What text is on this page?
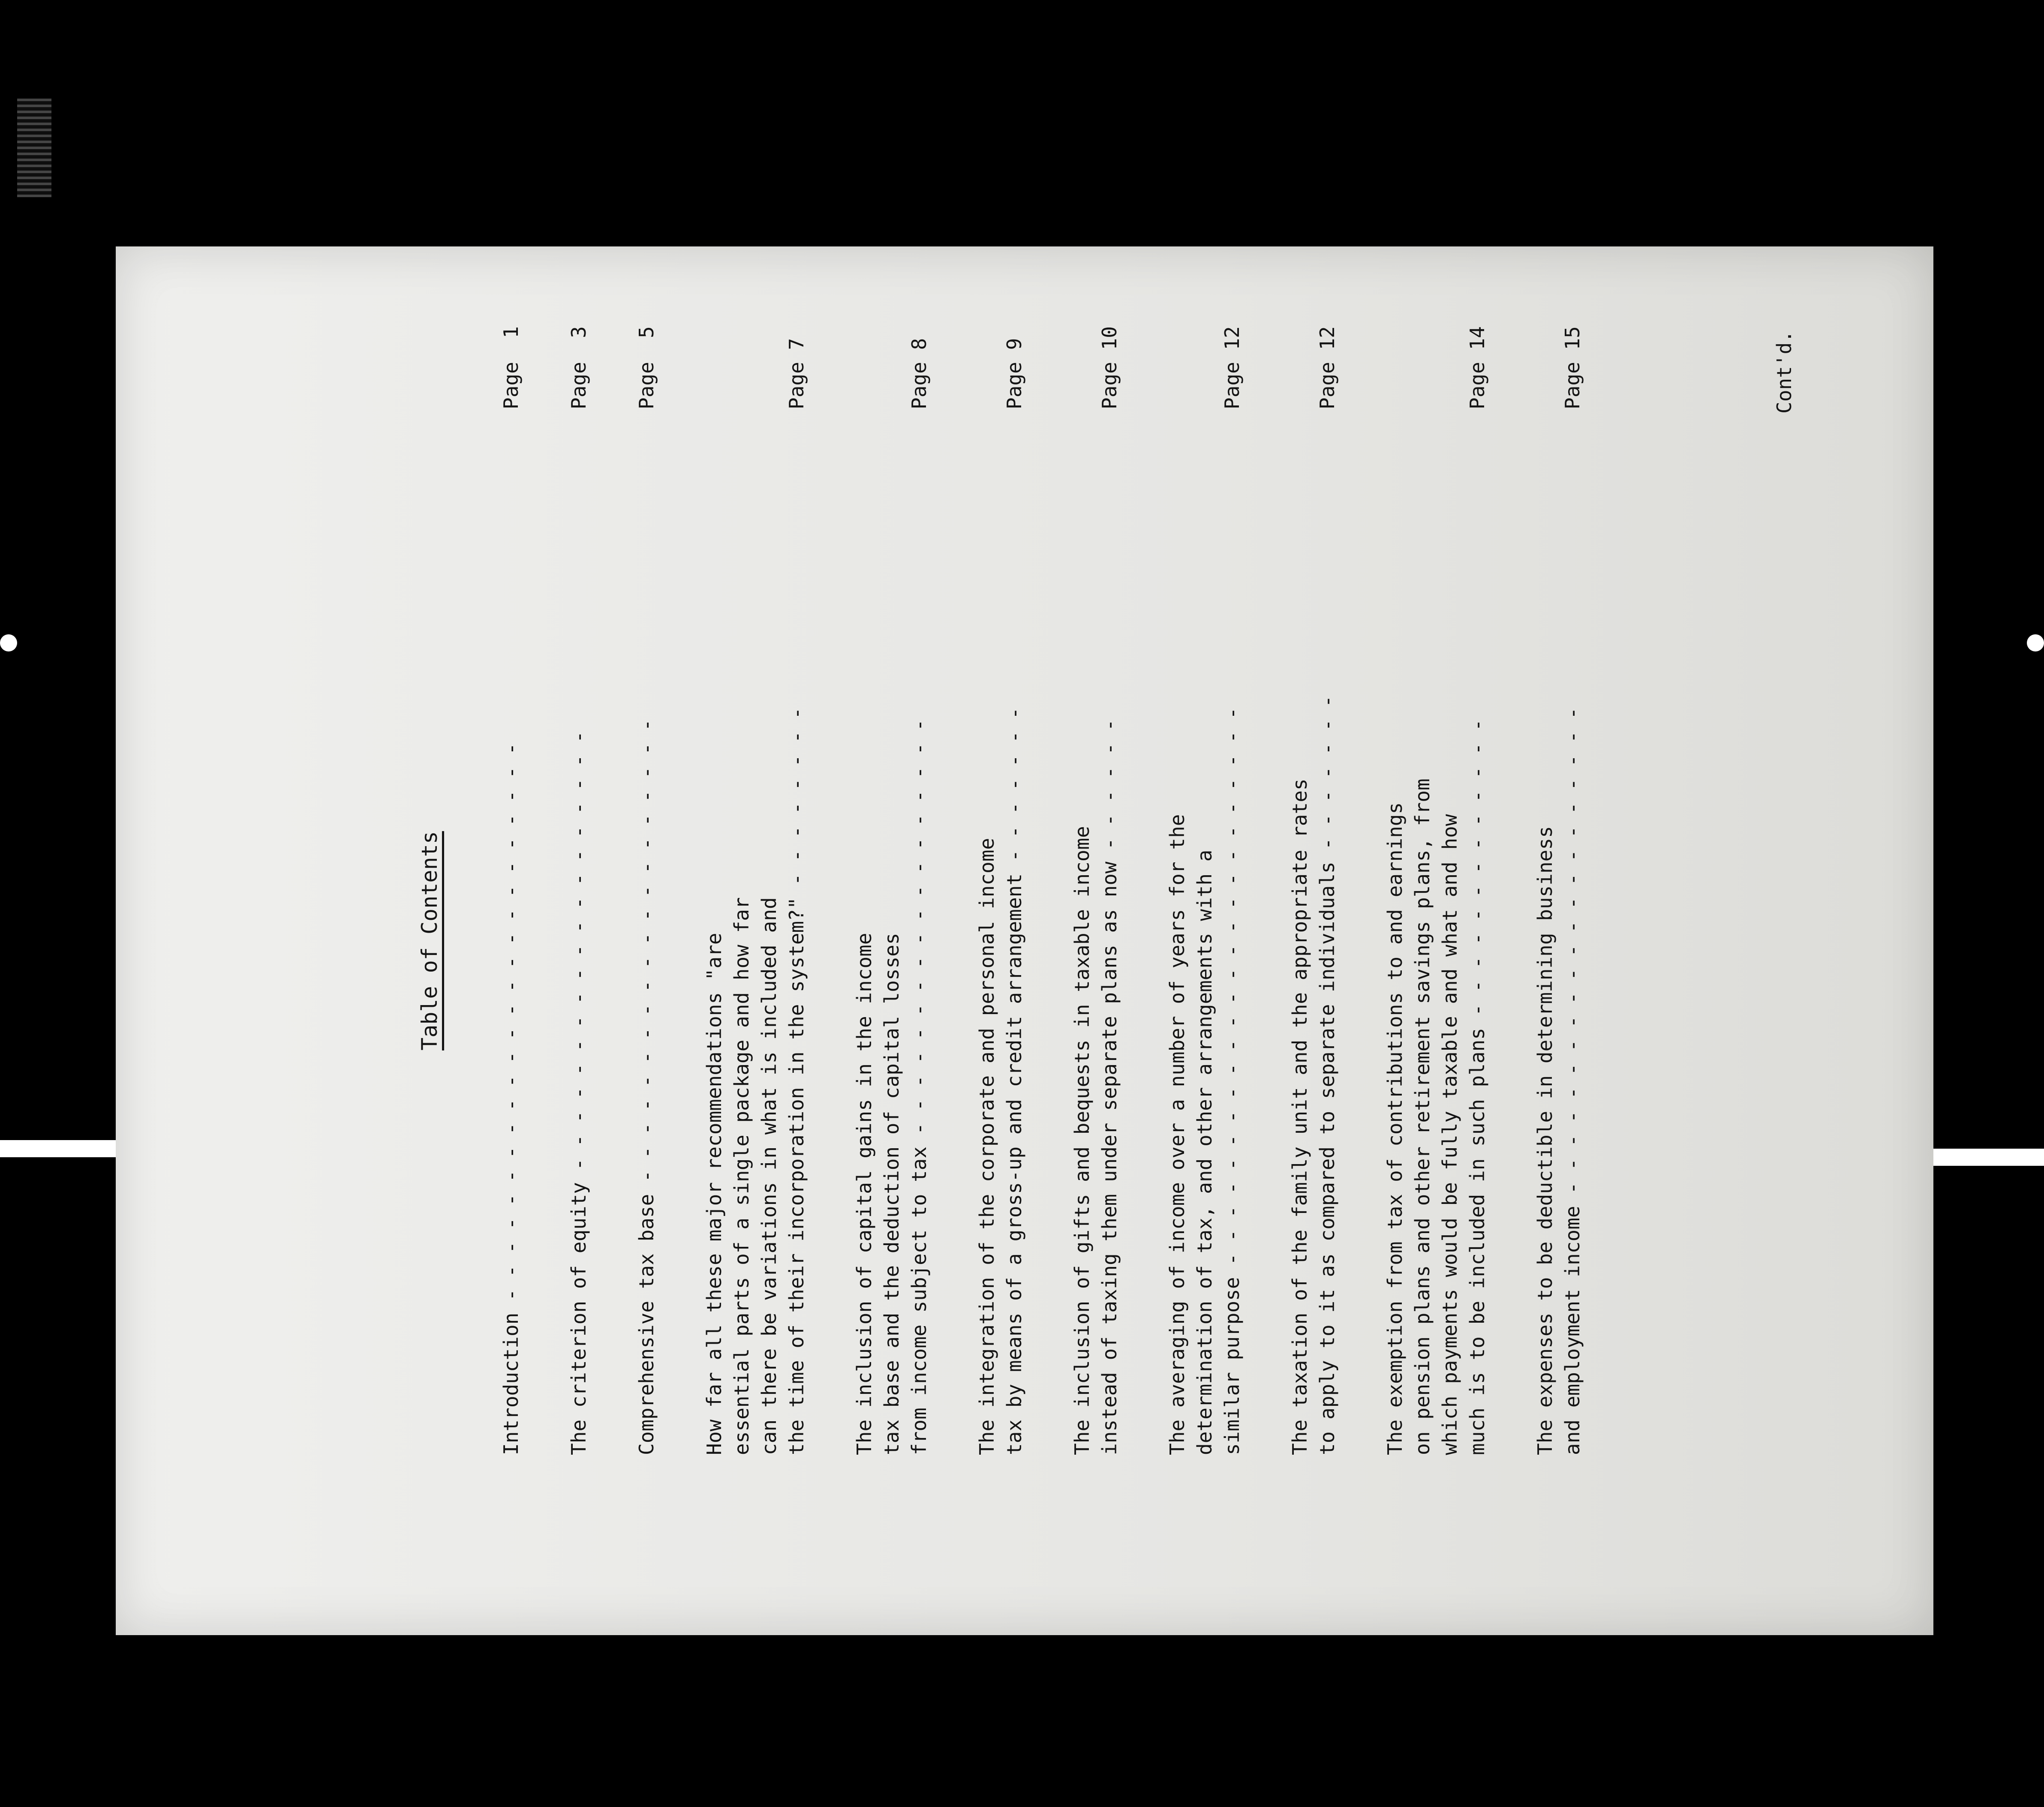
Table of Contents	Introduction - - - - - - - - - - - - - - - - - - - - - - - -
Page  1
The criterion of equity - - - - - - - - - - - - - - - - - - -
Page  3
Comprehensive tax base - - - - - - - - - - - - - - - - - - - -
Page  5
How far all these major recommendations "are essential parts of a single package and how far can there be variations in what is included and the time of their incorporation in the system?" - - - - - - - -
Page 7
The inclusion of capital gains in the income tax base and the deduction of capital losses from income subject to tax - - - - - - - - - - - - - - - - - -
Page 8
The integration of the corporate and personal income tax by means of a gross-up and credit arrangement - - - - - - -
Page 9
The inclusion of gifts and bequests in taxable income instead of taxing them under separate plans as now - - - - - -
Page 10
The averaging of income over a number of years for the determination of tax, and other arrangements with a similar purpose - - - - - - - - - - - - - - - - - - - - - - - -
Page 12
The taxation of the family unit and the appropriate rates to apply to it as compared to separate individuals - - - - - - -
Page 12
The exemption from tax of contributions to and earnings on pension plans and other retirement savings plans, from which payments would be fully taxable and what and how much is to be included in such plans - - - - - - - - - - - - -
Page 14
The expenses to be deductible in determining business and employment income - - - - - - - - - - - - - - - - - - - - -
Page 15	Cont'd.
